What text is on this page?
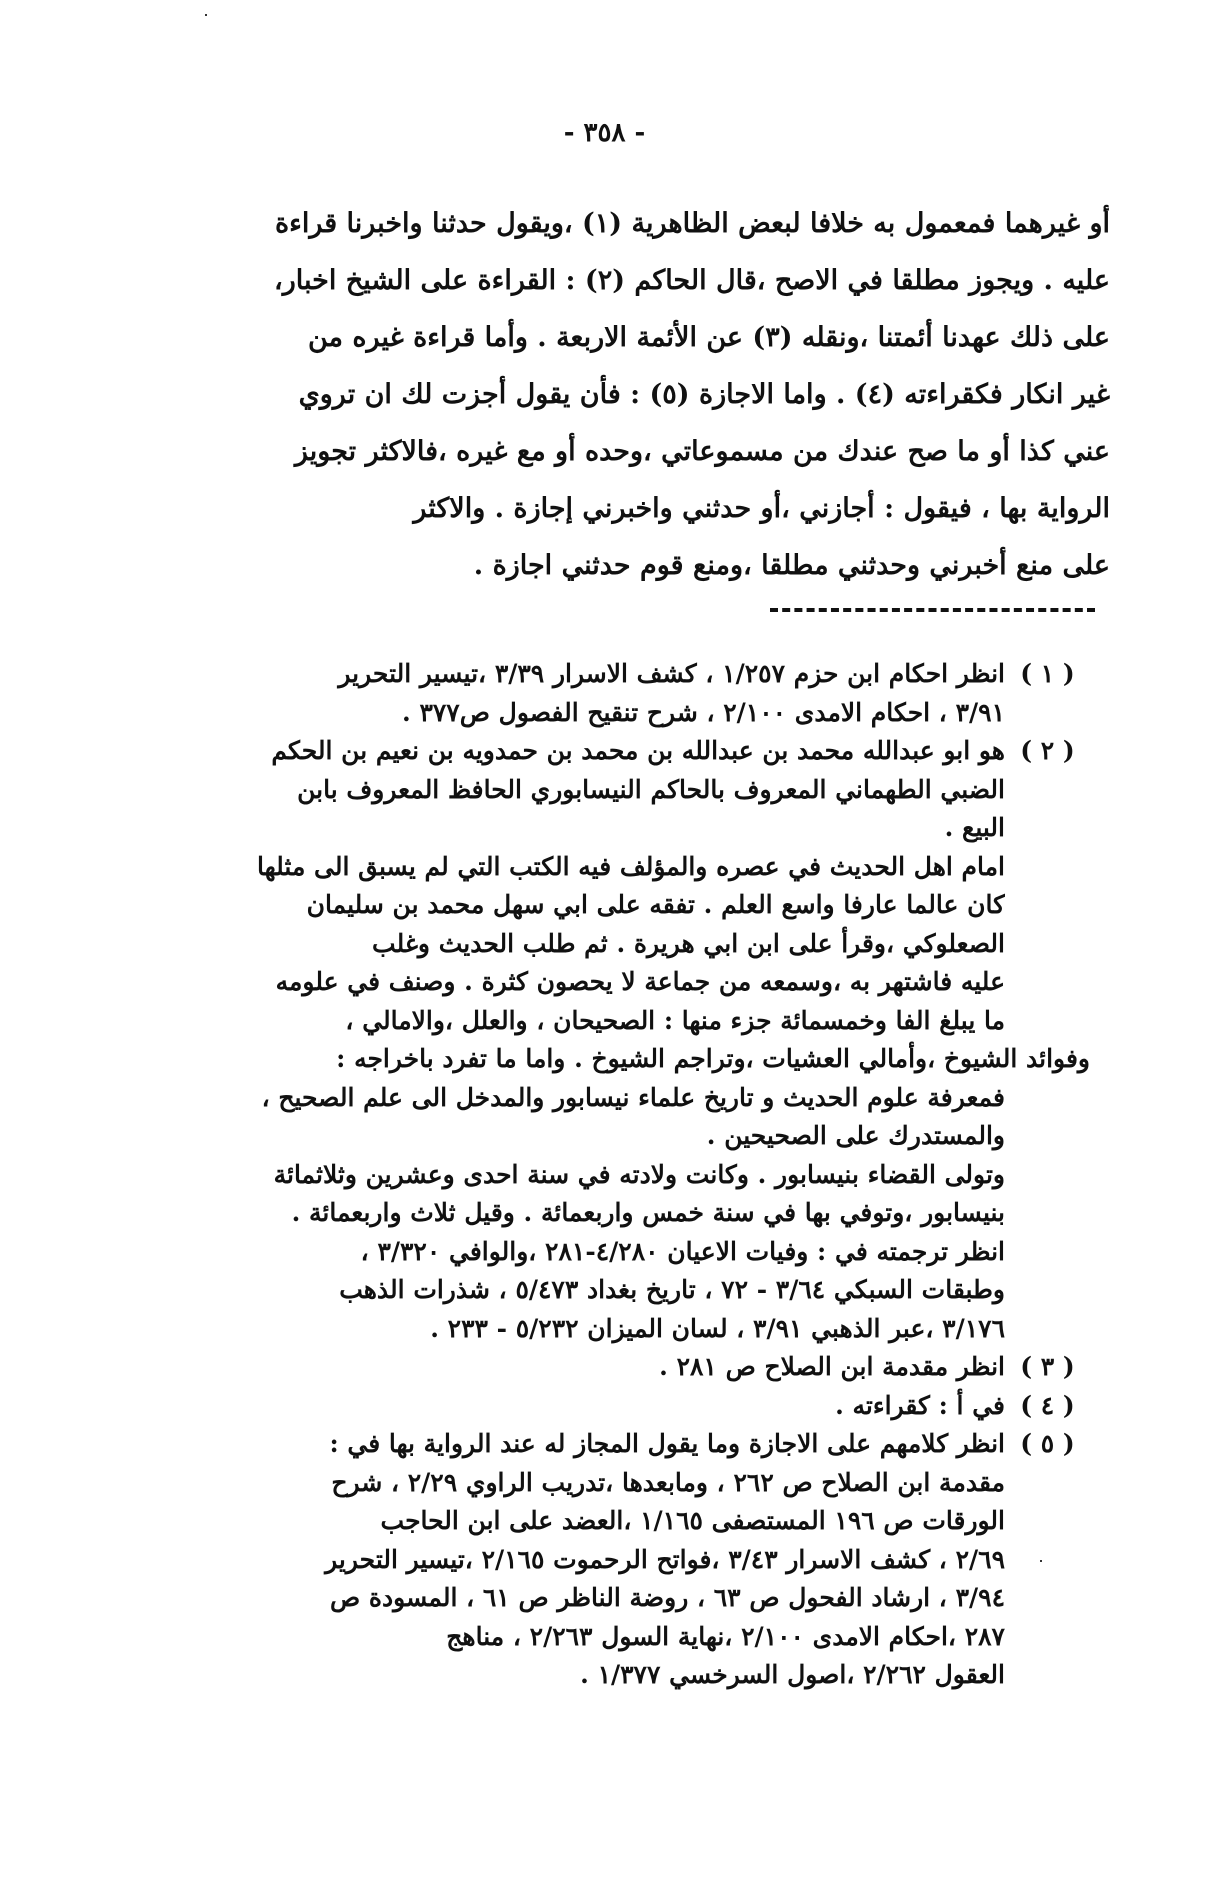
- ٣٥٨ -
أو غيرهما فمعمول به خلافا لبعض الظاهرية (١) ،ويقول حدثنا واخبرنا قراءة
عليه . ويجوز مطلقا في الاصح ،قال الحاكم (٢) : القراءة على الشيخ اخبار،
على ذلك عهدنا أئمتنا ،ونقله (٣) عن الأئمة الاربعة . وأما قراءة غيره من
غير انكار فكقراءته (٤) . واما الاجازة (٥) : فأن يقول أجزت لك ان تروي
عني كذا أو ما صح عندك من مسموعاتي ،وحده أو مع غيره ،فالاكثر تجويز
الرواية بها ، فيقول : أجازني ،أو حدثني واخبرني إجازة . والاكثر
على منع أخبرني وحدثني مطلقا ،ومنع قوم حدثني اجازة .
( ١ )
انظر احكام ابن حزم ١/٢٥٧ ، كشف الاسرار ٣/٣٩ ،تيسير التحرير
٣/٩١ ، احكام الامدى ٢/١٠٠ ، شرح تنقيح الفصول ص٣٧٧ .
( ٢ )
هو ابو عبدالله محمد بن عبدالله بن محمد بن حمدويه بن نعيم بن الحكم
الضبي الطهماني المعروف بالحاكم النيسابوري الحافظ المعروف بابن
البيع .
امام اهل الحديث في عصره والمؤلف فيه الكتب التي لم يسبق الى مثلها
كان عالما عارفا واسع العلم . تفقه على ابي سهل محمد بن سليمان
الصعلوكي ،وقرأ على ابن ابي هريرة . ثم طلب الحديث وغلب
عليه فاشتهر به ،وسمعه من جماعة لا يحصون كثرة . وصنف في علومه
ما يبلغ الفا وخمسمائة جزء منها : الصحيحان ، والعلل ،والامالي ،
وفوائد الشيوخ ،وأمالي العشيات ،وتراجم الشيوخ . واما ما تفرد باخراجه :
فمعرفة علوم الحديث و تاريخ علماء نيسابور والمدخل الى علم الصحيح ،
والمستدرك على الصحيحين .
وتولى القضاء بنيسابور . وكانت ولادته في سنة احدى وعشرين وثلاثمائة
بنيسابور ،وتوفي بها في سنة خمس واربعمائة . وقيل ثلاث واربعمائة .
انظر ترجمته في : وفيات الاعيان ٤/٢٨٠-٢٨١ ،والوافي ٣/٣٢٠ ،
وطبقات السبكي ٣/٦٤ - ٧٢ ، تاريخ بغداد ٥/٤٧٣ ، شذرات الذهب
٣/١٧٦ ،عبر الذهبي ٣/٩١ ، لسان الميزان ٥/٢٣٢ - ٢٣٣ .
( ٣ )
انظر مقدمة ابن الصلاح ص ٢٨١ .
( ٤ )
في أ : كقراءته .
( ٥ )
انظر كلامهم على الاجازة وما يقول المجاز له عند الرواية بها في :
مقدمة ابن الصلاح ص ٢٦٢ ، ومابعدها ،تدريب الراوي ٢/٢٩ ، شرح
الورقات ص ١٩٦ المستصفى ١/١٦٥ ،العضد على ابن الحاجب
٢/٦٩ ، كشف الاسرار ٣/٤٣ ،فواتح الرحموت ٢/١٦٥ ،تيسير التحرير
٣/٩٤ ، ارشاد الفحول ص ٦٣ ، روضة الناظر ص ٦١ ، المسودة ص
٢٨٧ ،احكام الامدى ٢/١٠٠ ،نهاية السول ٢/٢٦٣ ، مناهج
العقول ٢/٢٦٢ ،اصول السرخسي ١/٣٧٧ .
